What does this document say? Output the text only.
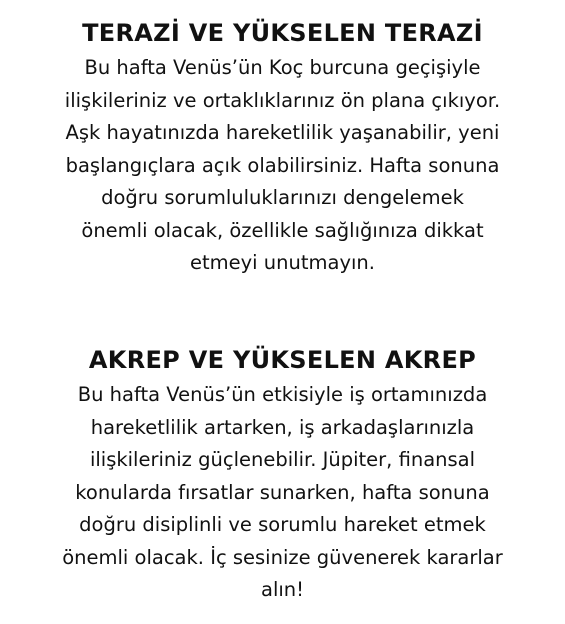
TERAZİ VE YÜKSELEN TERAZİ

Bu hafta Venüs’ün Koç burcuna geçişiyle
ilişkileriniz ve ortaklıklarınız ön plana çıkıyor.
Aşk hayatınızda hareketlilik yaşanabilir, yeni
başlangıçlara açık olabilirsiniz. Hafta sonuna
doğru sorumluluklarınızı dengelemek
önemli olacak, özellikle sağlığınıza dikkat
etmeyi unutmayın.

AKREP VE YÜKSELEN AKREP

Bu hafta Venüs’ün etkisiyle iş ortamınızda
hareketlilik artarken, iş arkadaşlarınızla
ilişkileriniz güçlenebilir. Jüpiter, finansal
konularda fırsatlar sunarken, hafta sonuna
doğru disiplinli ve sorumlu hareket etmek
önemli olacak. İç sesinize güvenerek kararlar
alın!
